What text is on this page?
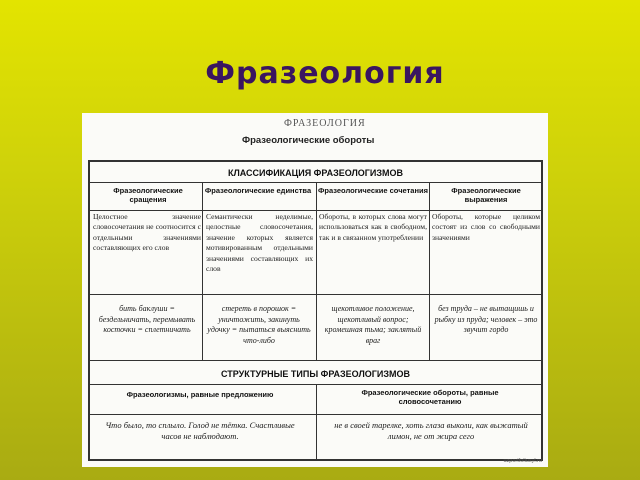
Фразеология
ФРАЗЕОЛОГИЯ
Фразеологические обороты
КЛАССИФИКАЦИЯ ФРАЗЕОЛОГИЗМОВ
Фразеологические сращения
Фразеологические единства Фразеологические сочетания	Фразеологические выражения
Целостное значение словосочетания не соотносится с отдельными значениями составляющих его слов
Семантически неделимые, целостные словосочетания, значение которых является мотивированным отдельными значениями составляющих их слов
Обороты, в которых слова могут использоваться как в свободном, так и в связанном употреблении
Обороты, которые целиком состоят из слов со свободными значениями
бить баклуши = бездельничать, перемывать косточки = сплетничать
стереть в порошок = уничтожить, закинуть удочку = пытаться выяснить что-либо
щекотливое положение, щекотливый вопрос; кромешная тьма; заклятый враг
без труда – не вытащишь и рыбку из пруда; человек – это звучит гордо
СТРУКТУРНЫЕ ТИПЫ ФРАЗЕОЛОГИЗМОВ
Фразеологизмы, равные предложению	Фразеологические обороты, равные словосочетанию
Что было, то сплыло. Голод не тётка. Счастливые часов не наблюдают.
не в своей тарелке, хоть глаза выколи, как выжатый лимон, не от жира сего
uzportfoliusyl.ru
